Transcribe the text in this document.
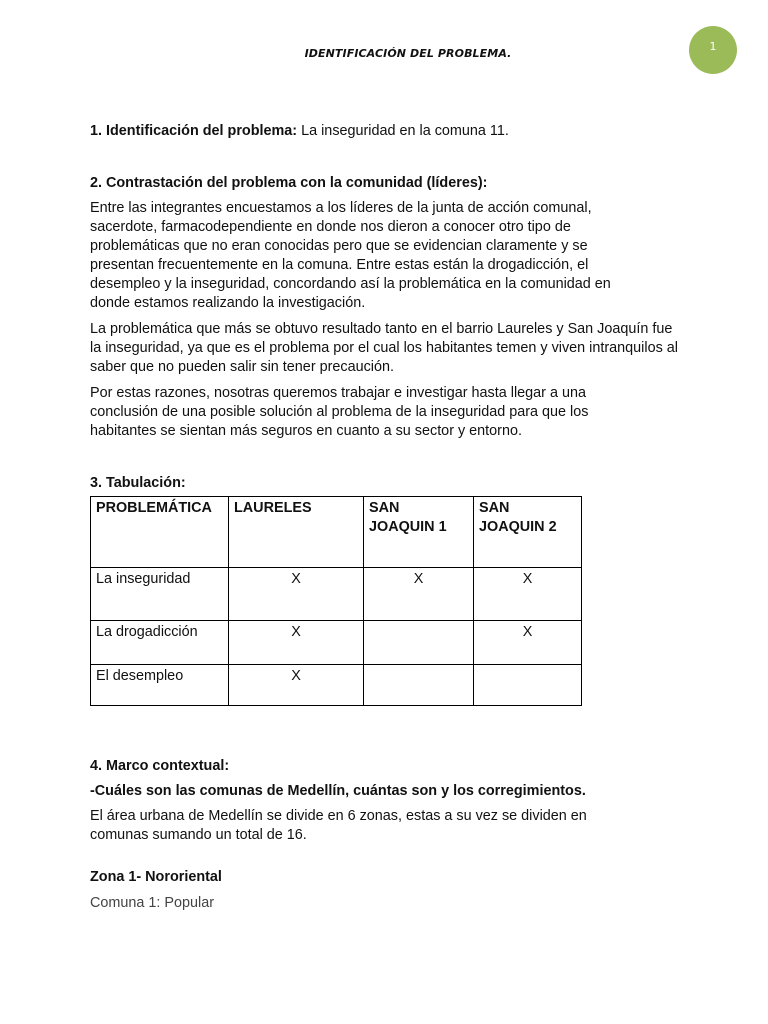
IDENTIFICACIÓN DEL PROBLEMA.
1

1. Identificación del problema: La inseguridad en la comuna 11.

2. Contrastación del problema con la comunidad (líderes):

Entre las integrantes encuestamos a los líderes de la junta de acción comunal, sacerdote, farmacodependiente en donde nos dieron a conocer otro tipo de problemáticas que no eran conocidas pero que se evidencian claramente y se presentan frecuentemente en la comuna. Entre estas están la drogadicción, el desempleo y la inseguridad, concordando así la problemática en la comunidad en donde estamos realizando la investigación.

La problemática que más se obtuvo resultado tanto en el barrio Laureles y San Joaquín fue la inseguridad, ya que es el problema por el cual los habitantes temen y viven intranquilos al saber que no pueden salir sin tener precaución.

Por estas razones, nosotras queremos trabajar e investigar hasta llegar a una conclusión de una posible solución al problema de la inseguridad para que los habitantes se sientan más seguros en cuanto a su sector y entorno.

3. Tabulación:

PROBLEMÁTICA	LAURELES	SAN JOAQUIN 1	SAN JOAQUIN 2
La inseguridad	X	X	X
La drogadicción	X		X
El desempleo	X		

4. Marco contextual:

-Cuáles son las comunas de Medellín, cuántas son y los corregimientos.

El área urbana de Medellín se divide en 6 zonas, estas a su vez se dividen en comunas sumando un total de 16.

Zona 1- Nororiental

Comuna 1: Popular
